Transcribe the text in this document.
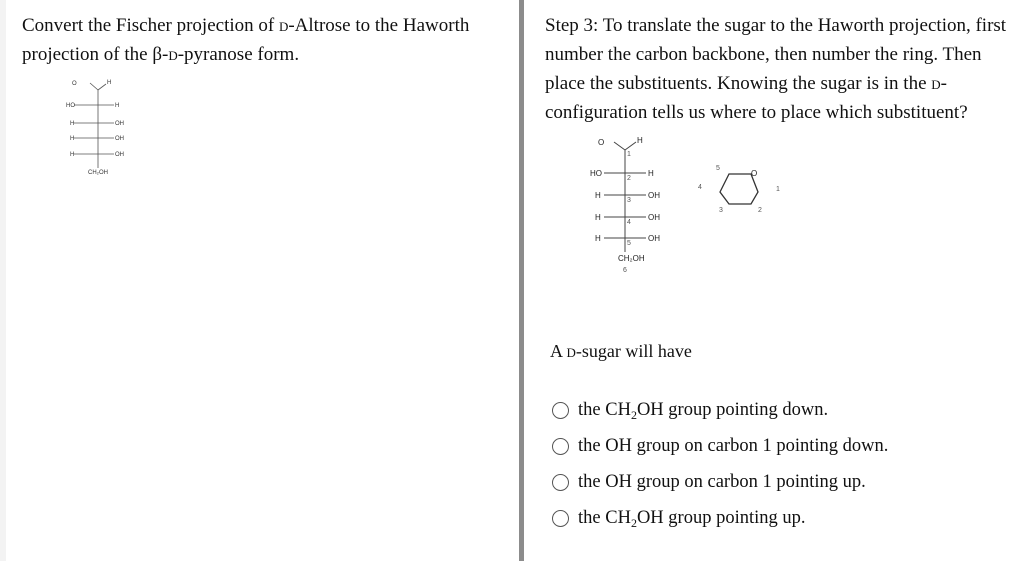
Convert the Fischer projection of d-Altrose to the Haworth projection of the β-d-pyranose form.

O	H
HO	H
H	OH
H	OH
H	OH
CH₂OH

Step 3: To translate the sugar to the Haworth projection, first number the carbon backbone, then number the ring. Then place the substituents. Knowing the sugar is in the d-configuration tells us where to place which substituent?

O	H
HO	H
H	OH
H	OH
H	OH
CH₂OH
1
2
3
4
5
6
O
5
4
3	2
1

A d-sugar will have

the $CH_2OH$ group pointing down.
the OH group on carbon 1 pointing down.
the OH group on carbon 1 pointing up.
the $CH_2OH$ group pointing up.
